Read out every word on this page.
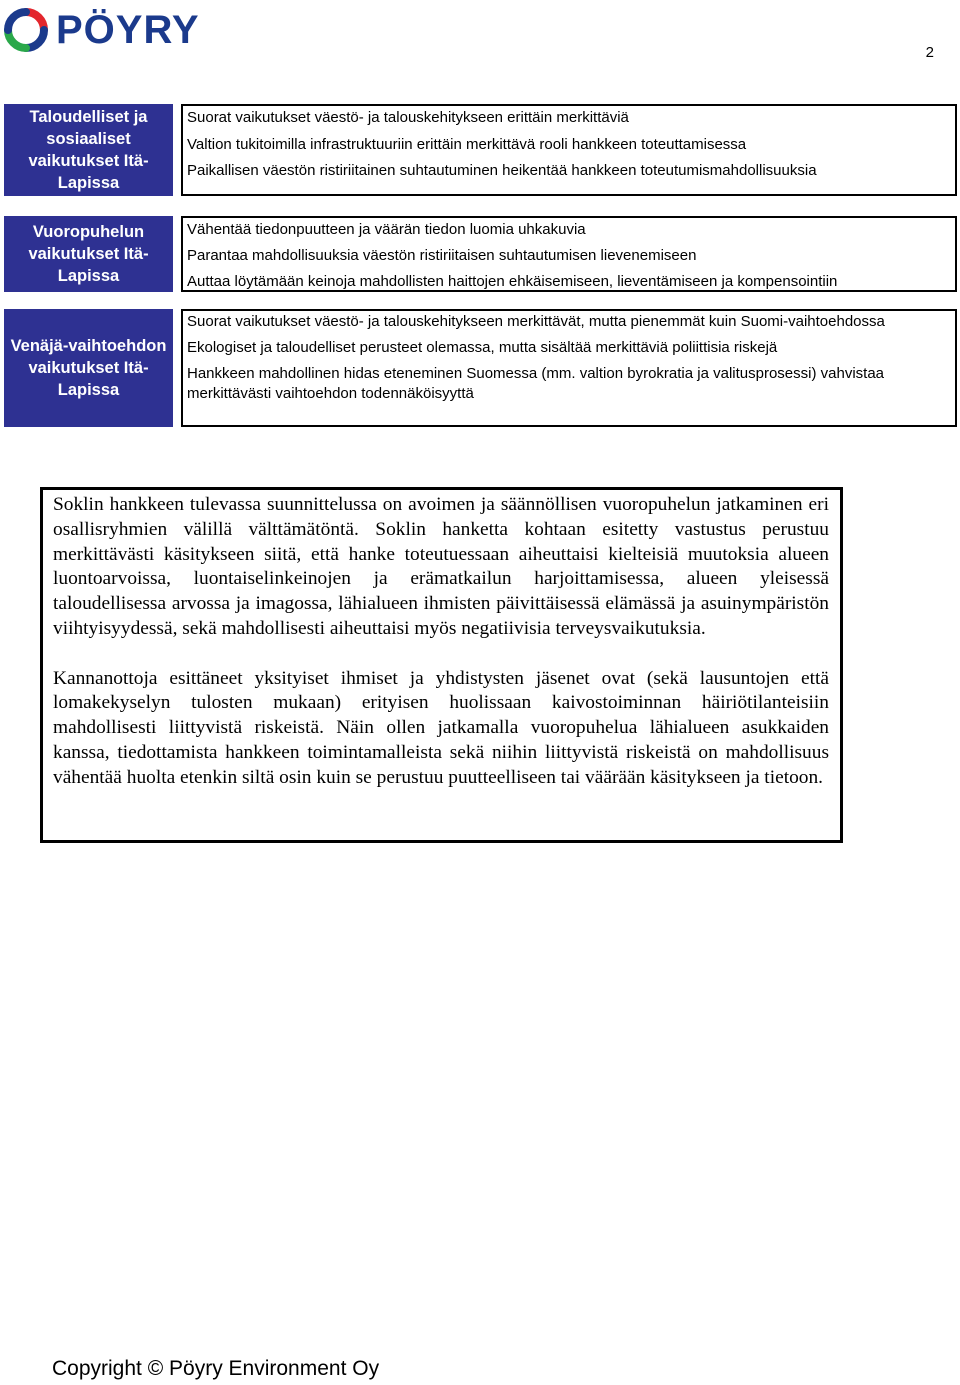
PÖYRY
2
Taloudelliset ja sosiaaliset vaikutukset Itä-Lapissa
Suorat vaikutukset väestö- ja talouskehitykseen erittäin merkittäviä
Valtion tukitoimilla infrastruktuuriin erittäin merkittävä rooli hankkeen toteuttamisessa
Paikallisen väestön ristiriitainen suhtautuminen heikentää hankkeen toteutumismahdollisuuksia
Vuoropuhelun vaikutukset Itä-Lapissa
Vähentää tiedonpuutteen ja väärän tiedon luomia uhkakuvia
Parantaa mahdollisuuksia väestön ristiriitaisen suhtautumisen lievenemiseen
Auttaa löytämään keinoja mahdollisten haittojen ehkäisemiseen, lieventämiseen ja kompensointiin
Venäjä-vaihtoehdon vaikutukset Itä-Lapissa
Suorat vaikutukset väestö- ja talouskehitykseen merkittävät, mutta pienemmät kuin Suomi-vaihtoehdossa
Ekologiset ja taloudelliset perusteet olemassa, mutta sisältää merkittäviä poliittisia riskejä
Hankkeen mahdollinen hidas eteneminen Suomessa (mm. valtion byrokratia ja valitusprosessi) vahvistaa merkittävästi vaihtoehdon todennäköisyyttä

Soklin hankkeen tulevassa suunnittelussa on avoimen ja säännöllisen vuoropuhelun jatkaminen eri osallisryhmien välillä välttämätöntä. Soklin hanketta kohtaan esitetty vastustus perustuu merkittävästi käsitykseen siitä, että hanke toteutuessaan aiheuttaisi kielteisiä muutoksia alueen luontoarvoissa, luontaiselinkeinojen ja erämatkailun harjoittamisessa, alueen yleisessä taloudellisessa arvossa ja imagossa, lähialueen ihmisten päivittäisessä elämässä ja asuinympäristön viihtyisyydessä, sekä mahdollisesti aiheuttaisi myös negatiivisia terveysvaikutuksia.

Kannanottoja esittäneet yksityiset ihmiset ja yhdistysten jäsenet ovat (sekä lausuntojen että lomakekyselyn tulosten mukaan) erityisen huolissaan kaivostoiminnan häiriötilanteisiin mahdollisesti liittyvistä riskeistä. Näin ollen jatkamalla vuoropuhelua lähialueen asukkaiden kanssa, tiedottamista hankkeen toimintamalleista sekä niihin liittyvistä riskeistä on mahdollisuus vähentää huolta etenkin siltä osin kuin se perustuu puutteelliseen tai väärään käsitykseen ja tietoon.

Copyright © Pöyry Environment Oy
